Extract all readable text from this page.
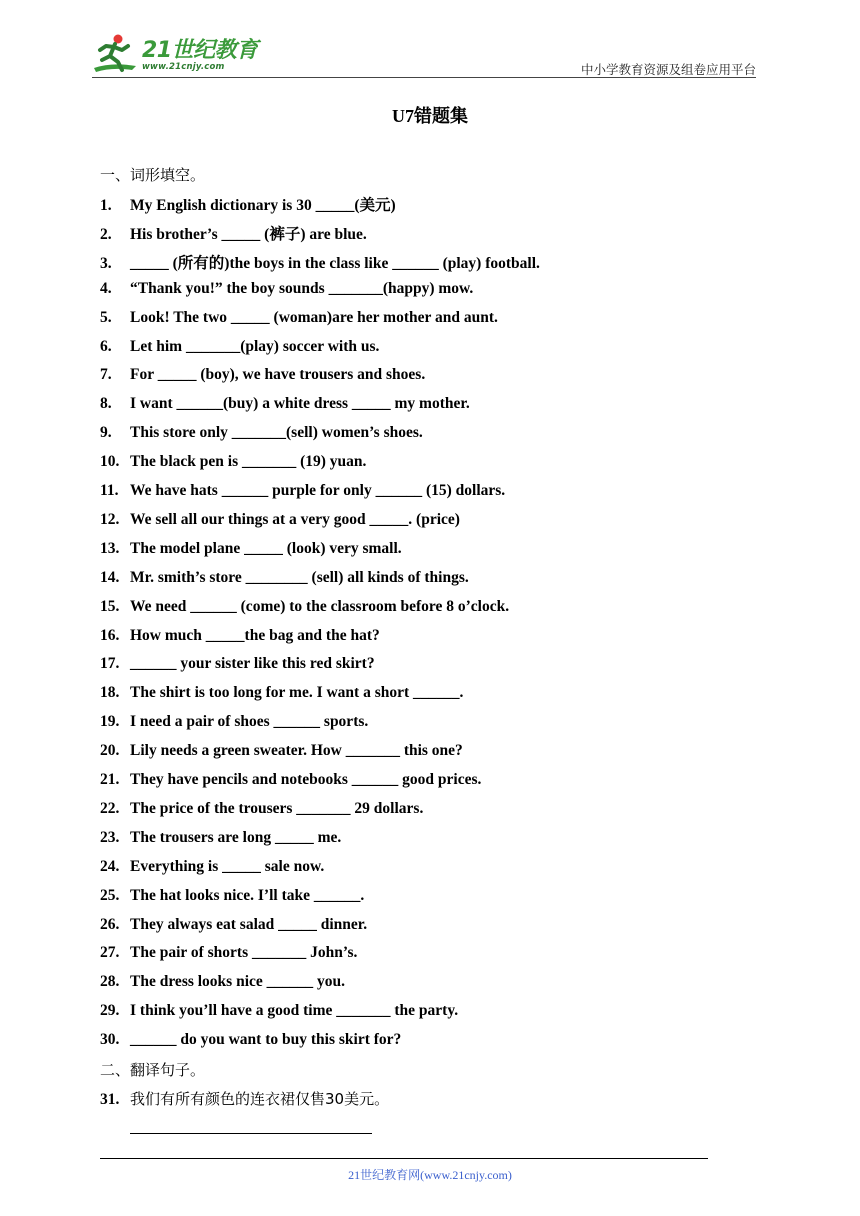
21世纪教育
www.21cnjy.com	中小学教育资源及组卷应用平台
U7错题集
一、词形填空。
1. My English dictionary is 30 _____(美元)
2. His brother’s _____ (裤子) are blue.
3. _____ (所有的)the boys in the class like ______ (play) football.
4. “Thank you!” the boy sounds _______(happy) mow.
5. Look! The two _____ (woman)are her mother and aunt.
6. Let him _______(play) soccer with us.
7. For _____ (boy), we have trousers and shoes.
8. I want ______(buy) a white dress _____ my mother.
9. This store only _______(sell) women’s shoes.
10. The black pen is _______ (19) yuan.
11. We have hats ______ purple for only ______ (15) dollars.
12. We sell all our things at a very good _____. (price)
13. The model plane _____ (look) very small.
14. Mr. smith’s store ________ (sell) all kinds of things.
15. We need ______ (come) to the classroom before 8 o’clock.
16. How much _____the bag and the hat?
17. ______ your sister like this red skirt?
18. The shirt is too long for me. I want a short ______.
19. I need a pair of shoes ______ sports.
20. Lily needs a green sweater. How _______ this one?
21. They have pencils and notebooks ______ good prices.
22. The price of the trousers _______ 29 dollars.
23. The trousers are long _____ me.
24. Everything is _____ sale now.
25. The hat looks nice. I’ll take ______.
26. They always eat salad _____ dinner.
27. The pair of shorts _______ John’s.
28. The dress looks nice ______ you.
29. I think you’ll have a good time _______ the party.
30. ______ do you want to buy this skirt for?
31. 我们有所有颜色的连衣裙仅售30美元。
二、翻译句子。
21世纪教育网(www.21cnjy.com)
